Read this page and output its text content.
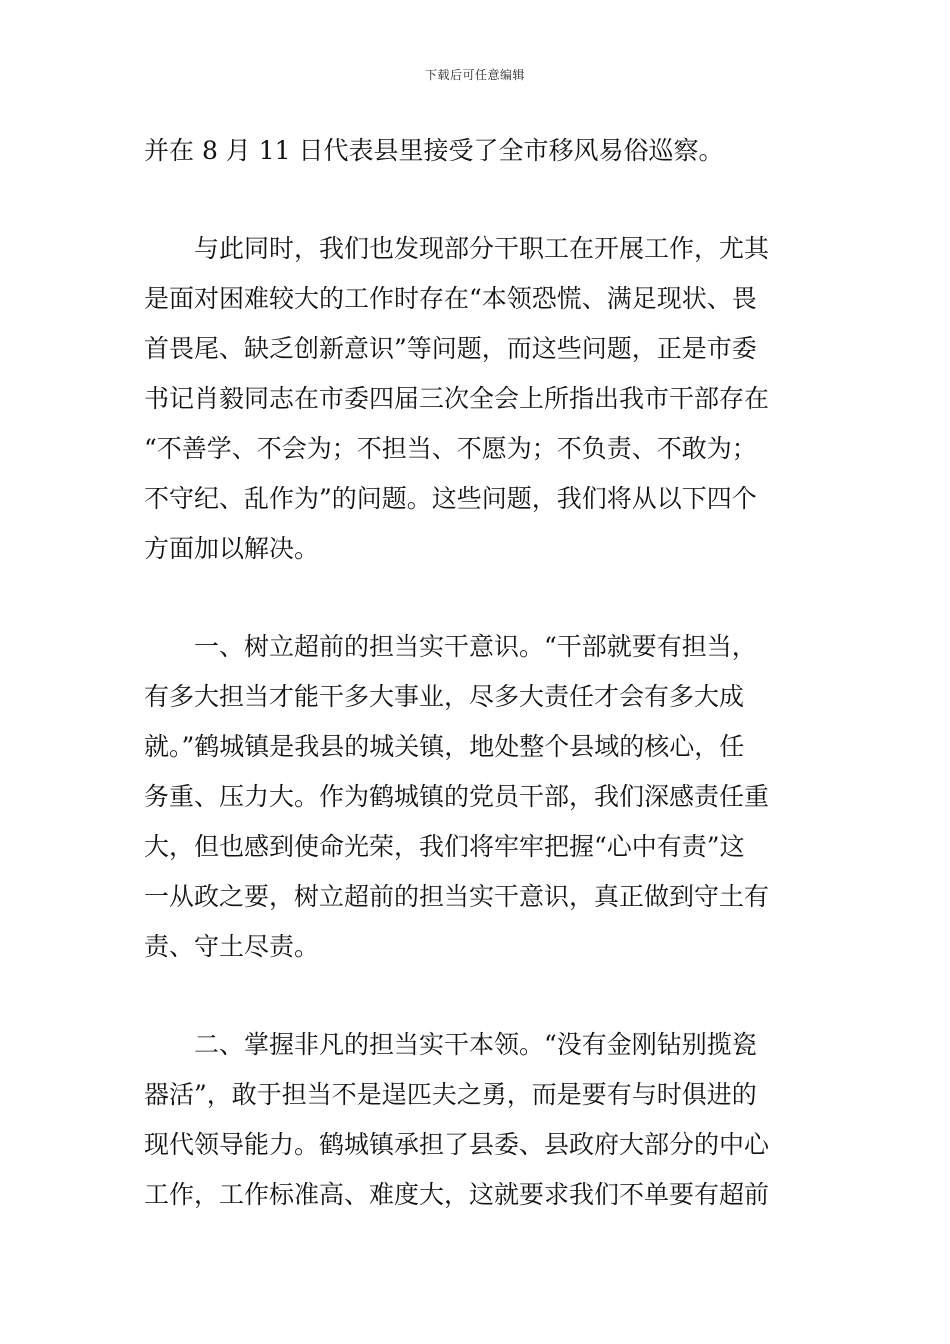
下载后可任意编辑
并在 8 月 11 日代表县里接受了全市移风易俗巡察。
与此同时，我们也发现部分干职工在开展工作，尤其
是面对困难较大的工作时存在“本领恐慌、满足现状、畏
首畏尾、缺乏创新意识”等问题，而这些问题，正是市委
书记肖毅同志在市委四届三次全会上所指出我市干部存在
“不善学、不会为；不担当、不愿为；不负责、不敢为；
不守纪、乱作为”的问题。这些问题，我们将从以下四个
方面加以解决。
一、树立超前的担当实干意识。“干部就要有担当，
有多大担当才能干多大事业，尽多大责任才会有多大成
就。”鹤城镇是我县的城关镇，地处整个县域的核心，任
务重、压力大。作为鹤城镇的党员干部，我们深感责任重
大，但也感到使命光荣，我们将牢牢把握“心中有责”这
一从政之要，树立超前的担当实干意识，真正做到守土有
责、守土尽责。
二、掌握非凡的担当实干本领。“没有金刚钻别揽瓷
器活”，敢于担当不是逞匹夫之勇，而是要有与时俱进的
现代领导能力。鹤城镇承担了县委、县政府大部分的中心
工作，工作标准高、难度大，这就要求我们不单要有超前
